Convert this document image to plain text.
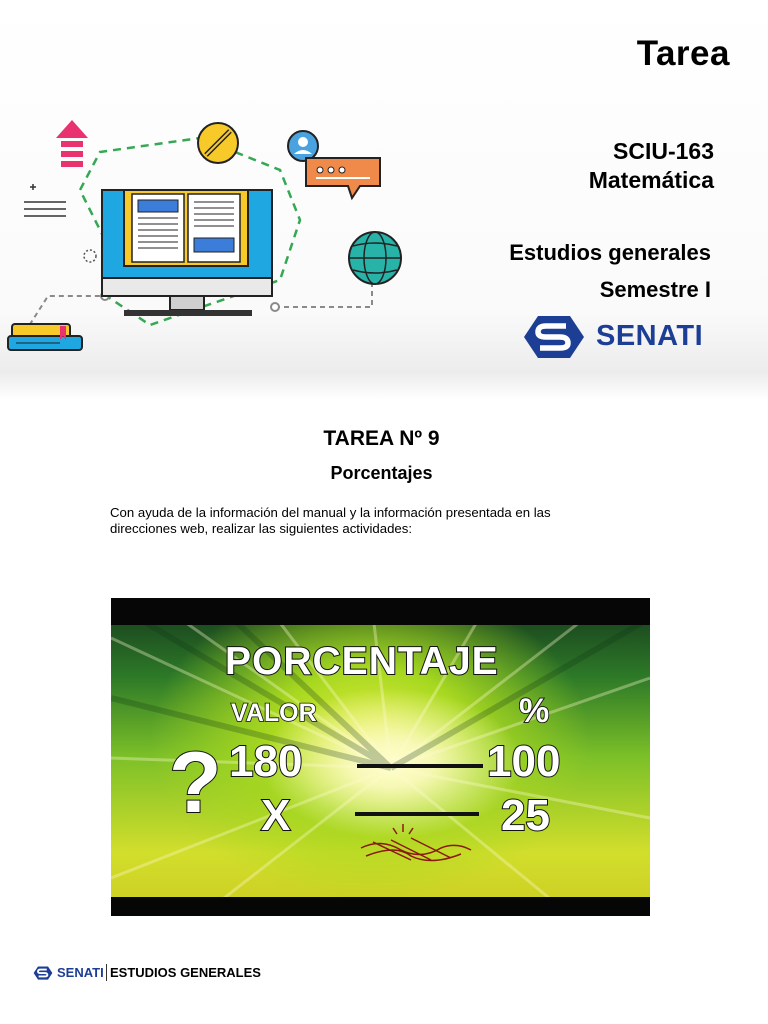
Tarea
SCIU-163
Matemática
Estudios generales
Semestre I
SENATI
TAREA Nº 9
Porcentajes
Con ayuda de la información del manual y la información presentada en las direcciones web, realizar las siguientes actividades:
PORCENTAJE
VALOR	%
? 180	100
X	25
SENATI ESTUDIOS GENERALES
